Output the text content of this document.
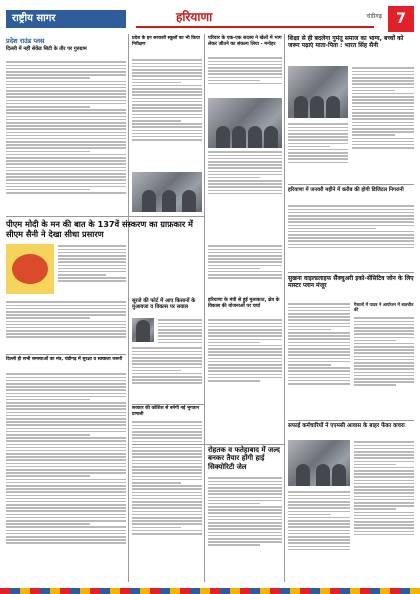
राष्ट्रीय सागर	हरियाणा	चंडीगढ़	7
प्रदेश राउंड प्लस
दिल्ली में नहीं सेकेंड सिटी के तौर पर गुरुग्राम
पीएम मोदी के मन की बात के 137वें संस्करण का ग्राफ़कार में सीएम सैनी ने देखा सीधा प्रसारण
दिल्ली ही सभी समस्याओं का मंत्र, चंडीगढ़ में सुरक्षा व स्वच्छता जरूरी
प्रदेश के इन सरकारी स्कूलों का भी किया निरीक्षण
सूरजे की फोर्ट में आए किसानों के मुआवजा व विकास पर सवाल
सरकार की कोशिश से बनेगी नई भुगतान प्रणाली
परिवार के एक-एक सदस्य ने खेलों में भाग लेकर जीतने का संकल्प लिया - मनोहर
हरियाणा के मंत्री से हुई मुलाकात, क्षेत्र के विकास की योजनाओं पर चर्चा
रोहतक व फतेहाबाद में जल्द बनकर तैयार होंगी हाई सिक्योरिटी जेल
शिक्षा से ही बदलेगा गुमंतू समाज का भाग्य, बच्चों को जरूर पढ़ाएं माता-पिता : भारत सिंह सैनी
हरियाणा में जनवरी महीने में करीब की होगी डिजिटल निगरानी
सुखना वाइल्डलाइफ सैंक्चुअरी इको-सेंसिटिव जोन के लिए मास्टर प्लान मंजूर
गैस्टलों में यादव ने आयोजन में बातचीत की
सफाई कर्मचारियों ने एएमसी आवास के बाहर फेंका कचरा
